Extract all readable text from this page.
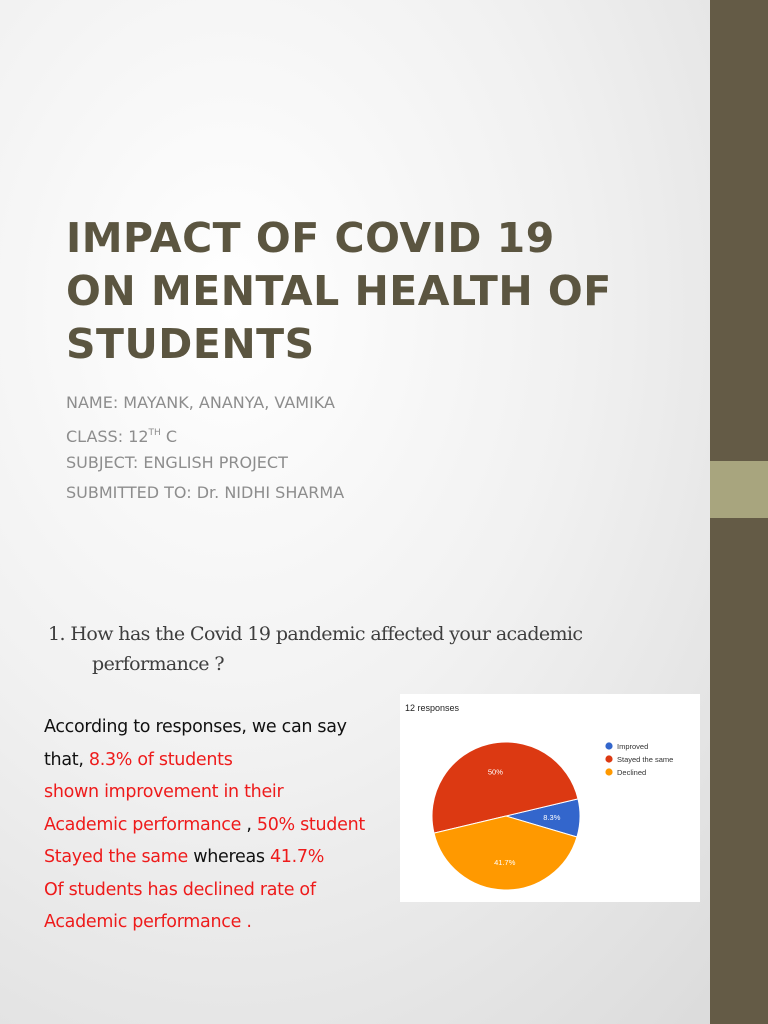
IMPACT OF COVID 19
ON MENTAL HEALTH OF
STUDENTS
NAME: MAYANK, ANANYA, VAMIKA
CLASS: 12TH C
SUBJECT: ENGLISH PROJECT
SUBMITTED TO: Dr. NIDHI SHARMA
1. How has the Covid 19 pandemic affected your academic
performance ?
According to responses, we can say
that, 8.3% of students
shown improvement in their
Academic performance , 50% student
Stayed the same whereas 41.7%
Of students has declined rate of
Academic performance .
12 responses
8.3%
50%
41.7%
Improved
Stayed the same
Declined
